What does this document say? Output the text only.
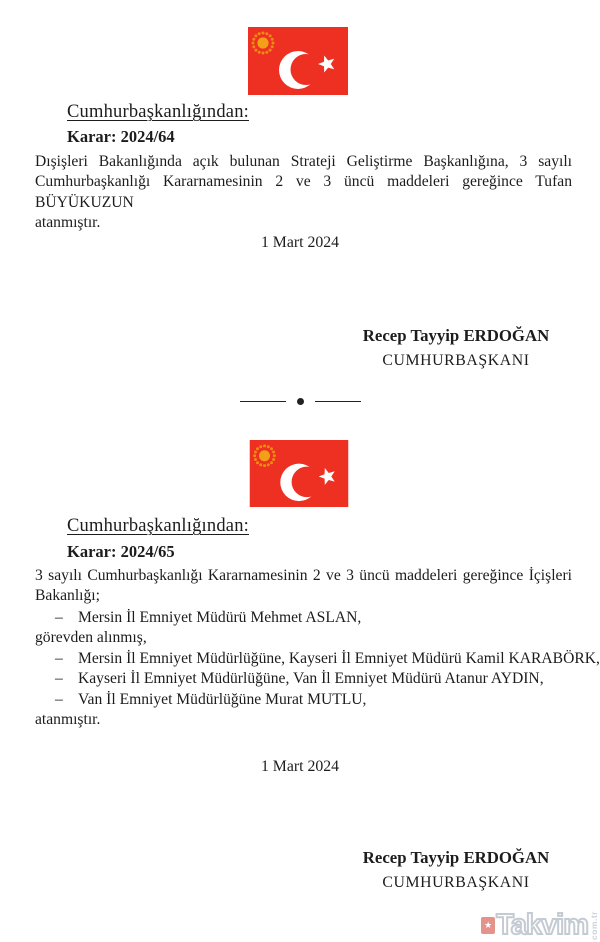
Cumhurbaşkanlığından:
Karar: 2024/64
Dışişleri Bakanlığında açık bulunan Strateji Geliştirme Başkanlığına, 3 sayılı
Cumhurbaşkanlığı Kararnamesinin 2 ve 3 üncü maddeleri gereğince Tufan BÜYÜKUZUN
atanmıştır.
1 Mart 2024
Recep Tayyip ERDOĞAN
CUMHURBAŞKANI
Cumhurbaşkanlığından:
Karar: 2024/65
3 sayılı Cumhurbaşkanlığı Kararnamesinin 2 ve 3 üncü maddeleri gereğince İçişleri
Bakanlığı;
– Mersin İl Emniyet Müdürü Mehmet ASLAN,
görevden alınmış,
– Mersin İl Emniyet Müdürlüğüne, Kayseri İl Emniyet Müdürü Kamil KARABÖRK,
– Kayseri İl Emniyet Müdürlüğüne, Van İl Emniyet Müdürü Atanur AYDIN,
– Van İl Emniyet Müdürlüğüne Murat MUTLU,
atanmıştır.
1 Mart 2024
Recep Tayyip ERDOĞAN
CUMHURBAŞKANI
★ Takvim com.tr
